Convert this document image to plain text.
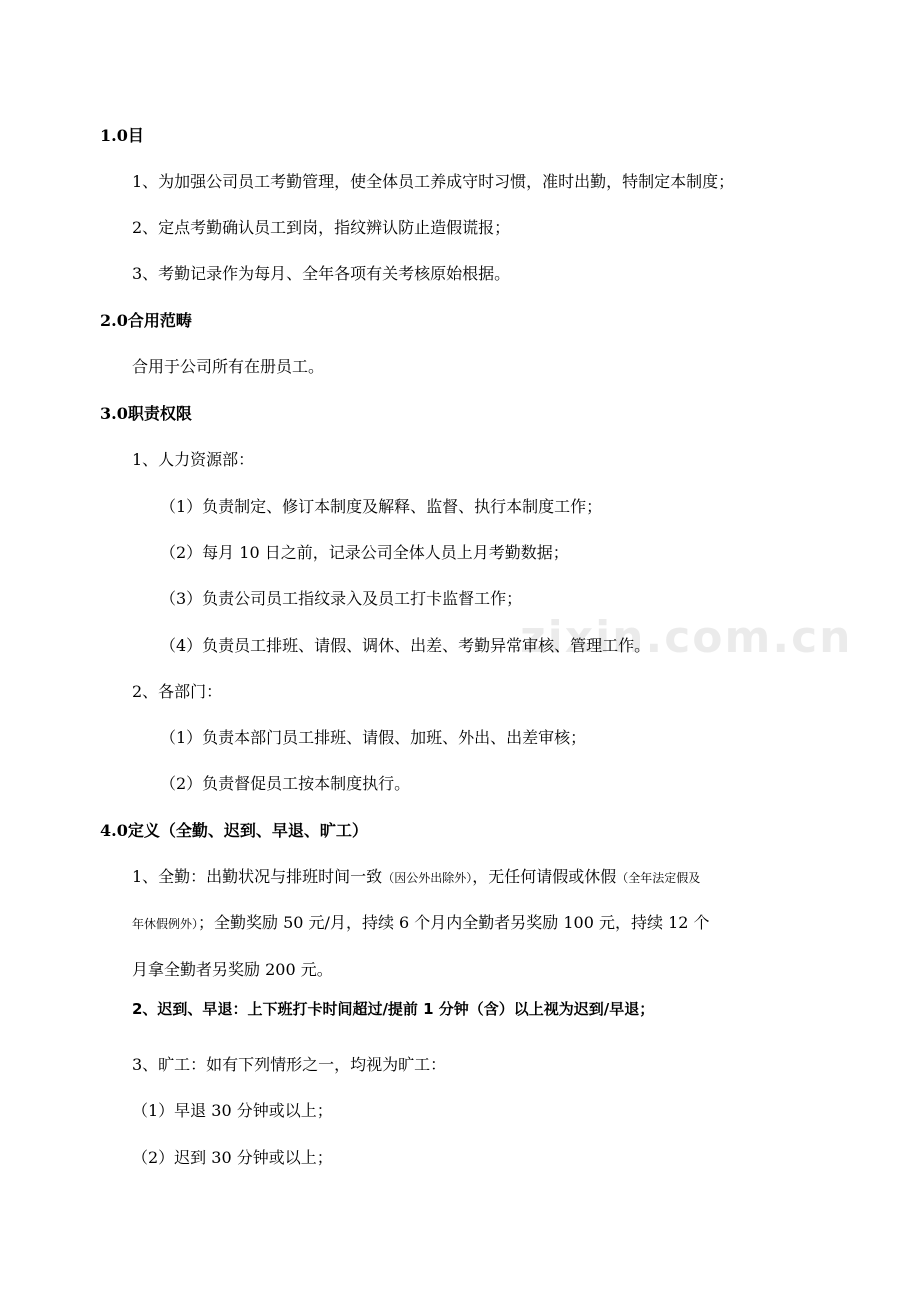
zixin.com.cn
1.0目
1、为加强公司员工考勤管理，使全体员工养成守时习惯，准时出勤，特制定本制度；
2、定点考勤确认员工到岗，指纹辨认防止造假谎报；
3、考勤记录作为每月、全年各项有关考核原始根据。
2.0合用范畴
合用于公司所有在册员工。
3.0职责权限
1、人力资源部：
（1）负责制定、修订本制度及解释、监督、执行本制度工作；
（2）每月 10 日之前，记录公司全体人员上月考勤数据；
（3）负责公司员工指纹录入及员工打卡监督工作；
（4）负责员工排班、请假、调休、出差、考勤异常审核、管理工作。
2、各部门：
（1）负责本部门员工排班、请假、加班、外出、出差审核；
（2）负责督促员工按本制度执行。
4.0定义（全勤、迟到、早退、旷工）
1、全勤：出勤状况与排班时间一致（因公外出除外），无任何请假或休假（全年法定假及
年休假例外）；全勤奖励 50 元/月，持续 6 个月内全勤者另奖励 100 元，持续 12 个
月拿全勤者另奖励 200 元。
2、迟到、早退：上下班打卡时间超过/提前 1 分钟（含）以上视为迟到/早退；
3、旷工：如有下列情形之一，均视为旷工：
（1）早退 30 分钟或以上；
（2）迟到 30 分钟或以上；
